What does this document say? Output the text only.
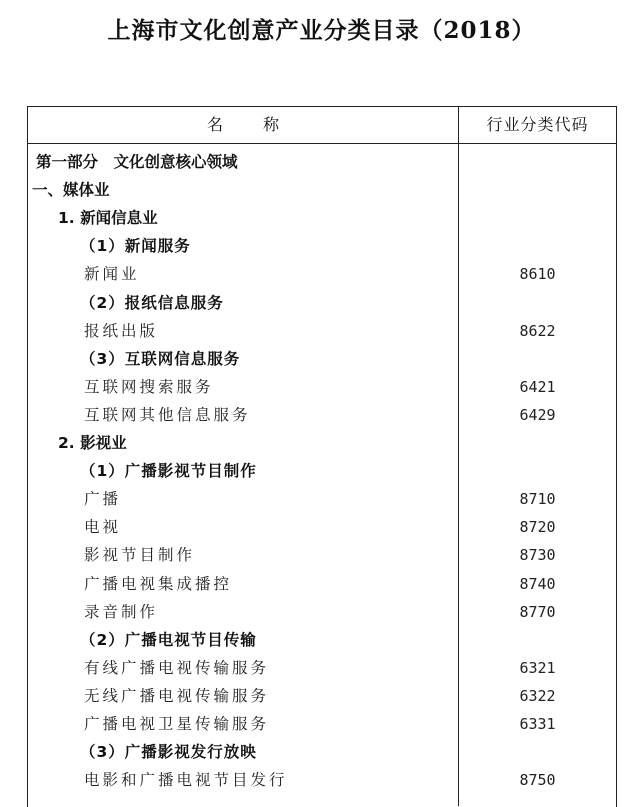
上海市文化创意产业分类目录（2018）
名称	行业分类代码
第一部分　文化创意核心领域
一、媒体业
1. 新闻信息业
（1）新闻服务
新闻业	8610
（2）报纸信息服务
报纸出版	8622
（3）互联网信息服务
互联网搜索服务	6421
互联网其他信息服务	6429
2. 影视业
（1）广播影视节目制作
广播	8710
电视	8720
影视节目制作	8730
广播电视集成播控	8740
录音制作	8770
（2）广播电视节目传输
有线广播电视传输服务	6321
无线广播电视传输服务	6322
广播电视卫星传输服务	6331
（3）广播影视发行放映
电影和广播电视节目发行	8750
